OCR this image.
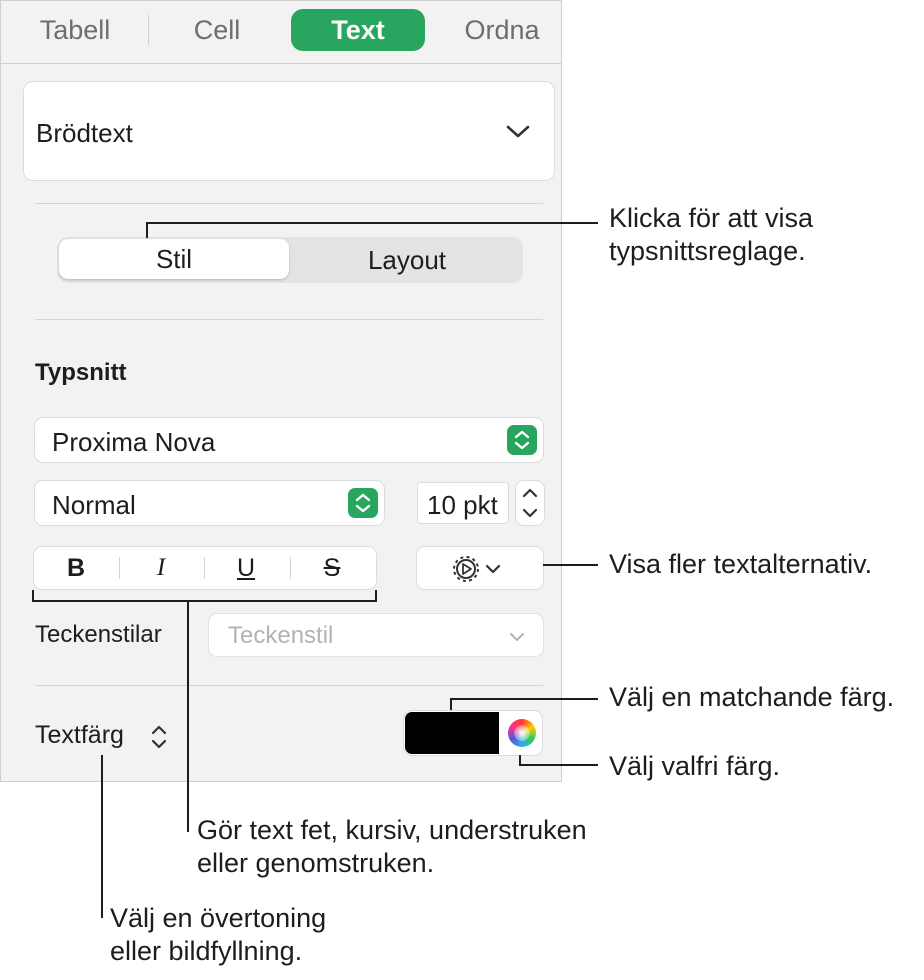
Tabell	Cell	Text	Ordna
Brödtext
Stil	Layout
Typsnitt
Proxima Nova
Normal	10 pkt
B	I	U	S
Teckenstilar	Teckenstil
Textfärg
Klicka för att visa
typsnittsreglage.
Visa fler textalternativ.
Välj en matchande färg.
Välj valfri färg.
Gör text fet, kursiv, understruken
eller genomstruken.
Välj en övertoning
eller bildfyllning.
